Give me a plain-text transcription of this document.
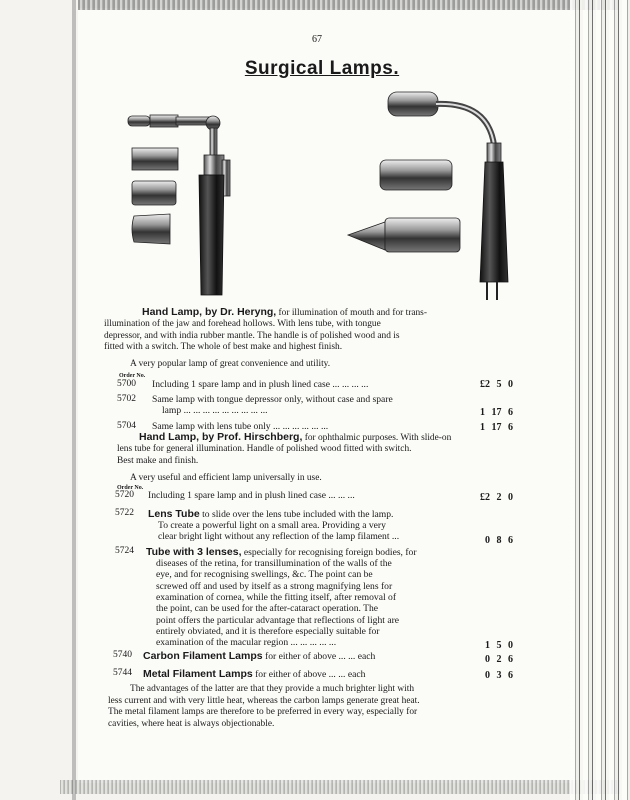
67
Surgical Lamps.

Hand Lamp, by Dr. Heryng, for illumination of mouth and for trans-
illumination of the jaw and forehead hollows. With lens tube, with tongue
depressor, and with india rubber mantle. The handle is of polished wood and is
fitted with a switch. The whole of best make and highest finish.

A very popular lamp of great convenience and utility.
Order No.
5700 Including 1 spare lamp and in plush lined case ... ... ... ...	£2 5 0
5702 Same lamp with tongue depressor only, without case and spare
lamp ... ... ... ... ... ... ... ... ...	1 17 6
5704 Same lamp with lens tube only ... ... ... ... ... ...	1 17 6

Hand Lamp, by Prof. Hirschberg, for ophthalmic purposes. With slide-on
lens tube for general illumination. Handle of polished wood fitted with switch.
Best make and finish.

A very useful and efficient lamp universally in use.
Order No.
5720 Including 1 spare lamp and in plush lined case ... ... ...	£2 2 0
5722 Lens Tube to slide over the lens tube included with the lamp.
To create a powerful light on a small area. Providing a very
clear bright light without any reflection of the lamp filament ...	0 8 6
5724 Tube with 3 lenses, especially for recognising foreign bodies, for
diseases of the retina, for transillumination of the walls of the
eye, and for recognising swellings, &c. The point can be
screwed off and used by itself as a strong magnifying lens for
examination of cornea, while the fitting itself, after removal of
the point, can be used for the after-cataract operation. The
point offers the particular advantage that reflections of light are
entirely obviated, and it is therefore especially suitable for
examination of the macular region ... ... ... ... ...	1 5 0
5740 Carbon Filament Lamps for either of above ... ... each	0 2 6
5744 Metal Filament Lamps for either of above ... ... each	0 3 6

The advantages of the latter are that they provide a much brighter light with
less current and with very little heat, whereas the carbon lamps generate great heat.
The metal filament lamps are therefore to be preferred in every way, especially for
cavities, where heat is always objectionable.
